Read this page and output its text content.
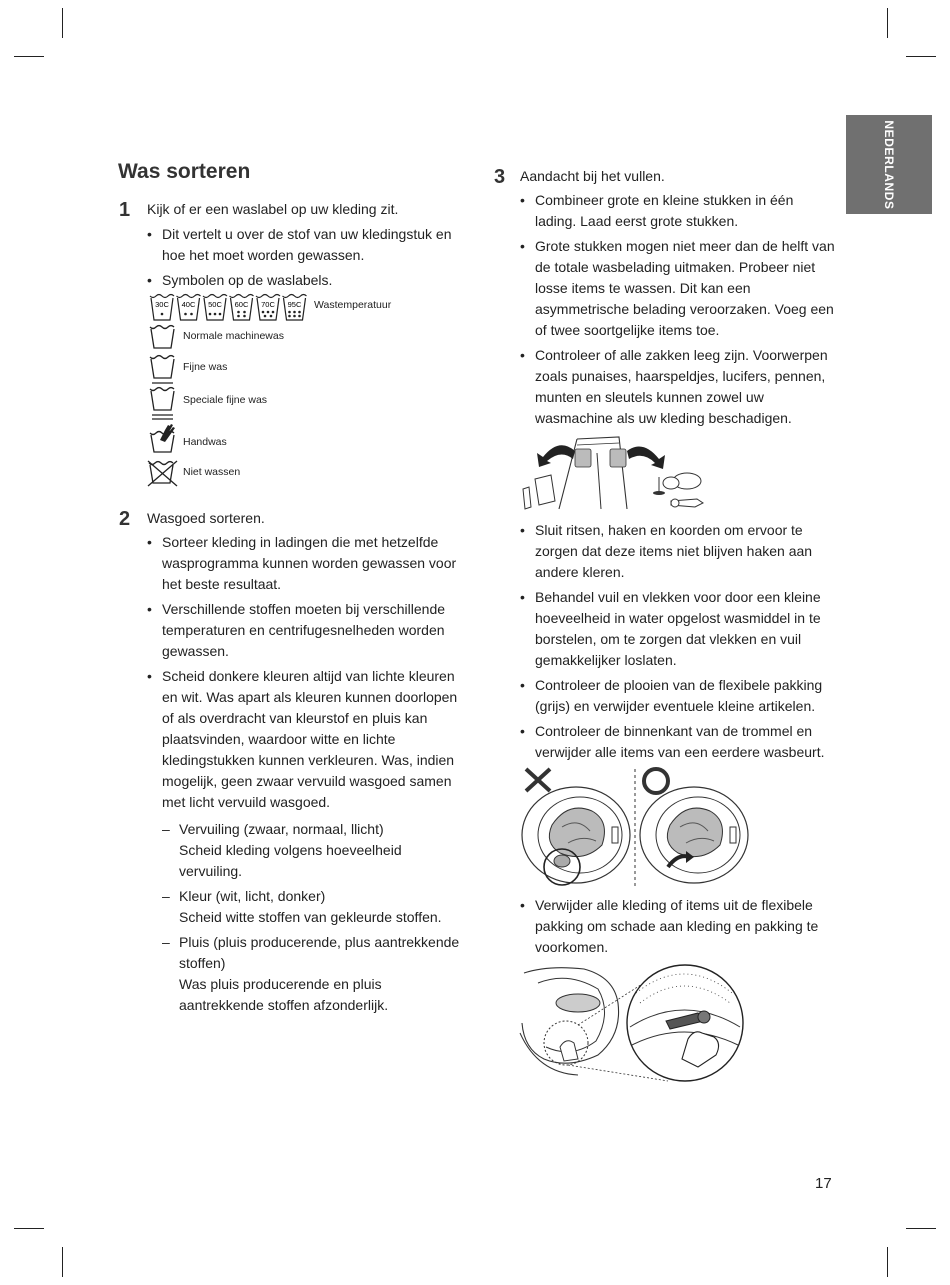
NEDERLANDS
Was sorteren
1 Kijk of er een waslabel op uw kleding zit.
• Dit vertelt u over de stof van uw kledingstuk en hoe het moet worden gewassen.
• Symbolen op de waslabels.
30C 40C 50C 60C 70C 95C Wastemperatuur
Normale machinewas
Fijne was
Speciale fijne was
Handwas
Niet wassen
2 Wasgoed sorteren.
• Sorteer kleding in ladingen die met hetzelfde wasprogramma kunnen worden gewassen voor het beste resultaat.
• Verschillende stoffen moeten bij verschillende temperaturen en centrifugesnelheden worden gewassen.
• Scheid donkere kleuren altijd van lichte kleuren en wit. Was apart als kleuren kunnen doorlopen of als overdracht van kleurstof en pluis kan plaatsvinden, waardoor witte en lichte kledingstukken kunnen verkleuren. Was, indien mogelijk, geen zwaar vervuild wasgoed samen met licht vervuild wasgoed.
– Vervuiling (zwaar, normaal, llicht)
Scheid kleding volgens hoeveelheid vervuiling.
– Kleur (wit, licht, donker)
Scheid witte stoffen van gekleurde stoffen.
– Pluis (pluis producerende, plus aantrekkende stoffen)
Was pluis producerende en pluis aantrekkende stoffen afzonderlijk.
3 Aandacht bij het vullen.
• Combineer grote en kleine stukken in één lading. Laad eerst grote stukken.
• Grote stukken mogen niet meer dan de helft van de totale wasbelading uitmaken. Probeer niet losse items te wassen. Dit kan een asymmetrische belading veroorzaken. Voeg een of twee soortgelijke items toe.
• Controleer of alle zakken leeg zijn. Voorwerpen zoals punaises, haarspeldjes, lucifers, pennen, munten en sleutels kunnen zowel uw wasmachine als uw kleding beschadigen.
• Sluit ritsen, haken en koorden om ervoor te zorgen dat deze items niet blijven haken aan andere kleren.
• Behandel vuil en vlekken voor door een kleine hoeveelheid in water opgelost wasmiddel in te borstelen, om te zorgen dat vlekken en vuil gemakkelijker loslaten.
• Controleer de plooien van de flexibele pakking (grijs) en verwijder eventuele kleine artikelen.
• Controleer de binnenkant van de trommel en verwijder alle items van een eerdere wasbeurt.
• Verwijder alle kleding of items uit de flexibele pakking om schade aan kleding en pakking te voorkomen.
17
